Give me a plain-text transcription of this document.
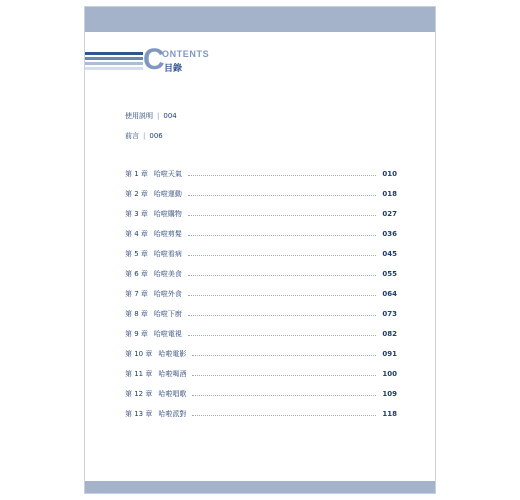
C
ONTENTS
目錄
使用説明 | 004
前言 | 006
第 1 章 哈啦天氣	010
第 2 章 哈啦運動	018
第 3 章 哈啦購物	027
第 4 章 哈啦剪髮	036
第 5 章 哈啦看病	045
第 6 章 哈啦美食	055
第 7 章 哈啦外食	064
第 8 章 哈啦下廚	073
第 9 章 哈啦電視	082
第 10 章 哈啦電影	091
第 11 章 哈啦喝酒	100
第 12 章 哈啦唱歌	109
第 13 章 哈啦派對	118
